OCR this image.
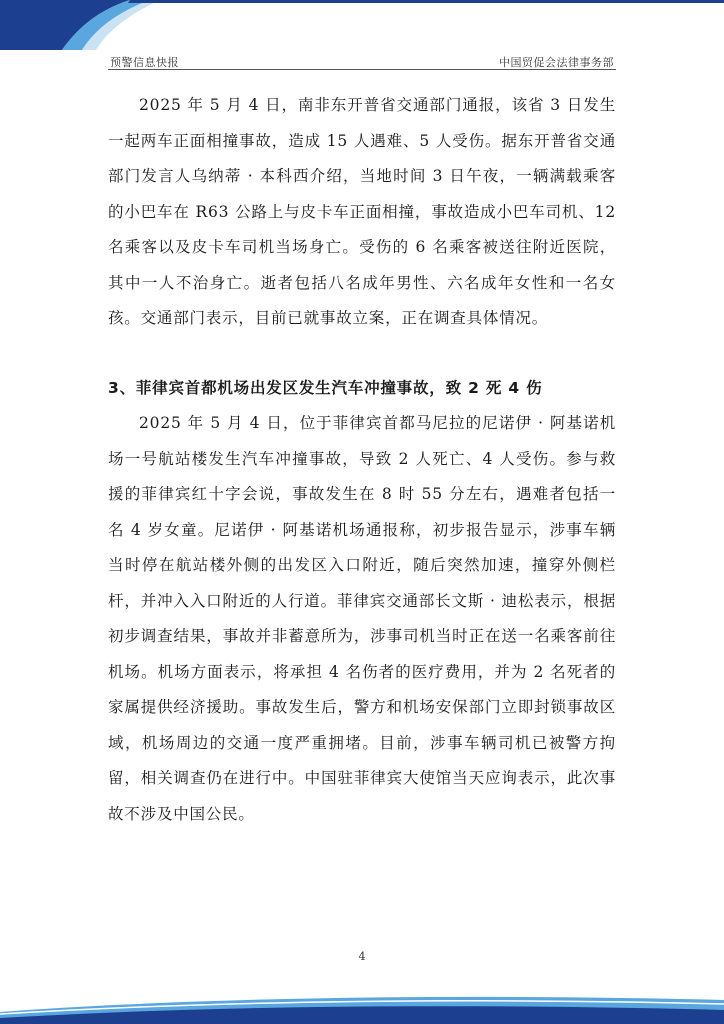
预警信息快报	中国贸促会法律事务部

2025 年 5 月 4 日，南非东开普省交通部门通报，该省 3 日发生一起两车正面相撞事故，造成 15 人遇难、5 人受伤。据东开普省交通部门发言人乌纳蒂 · 本科西介绍，当地时间 3 日午夜，一辆满载乘客的小巴车在 R63 公路上与皮卡车正面相撞，事故造成小巴车司机、12 名乘客以及皮卡车司机当场身亡。受伤的 6 名乘客被送往附近医院，其中一人不治身亡。逝者包括八名成年男性、六名成年女性和一名女孩。交通部门表示，目前已就事故立案，正在调查具体情况。

3、菲律宾首都机场出发区发生汽车冲撞事故，致 2 死 4 伤

2025 年 5 月 4 日，位于菲律宾首都马尼拉的尼诺伊 · 阿基诺机场一号航站楼发生汽车冲撞事故，导致 2 人死亡、4 人受伤。参与救援的菲律宾红十字会说，事故发生在 8 时 55 分左右，遇难者包括一名 4 岁女童。尼诺伊 · 阿基诺机场通报称，初步报告显示，涉事车辆当时停在航站楼外侧的出发区入口附近，随后突然加速，撞穿外侧栏杆，并冲入入口附近的人行道。菲律宾交通部长文斯 · 迪松表示，根据初步调查结果，事故并非蓄意所为，涉事司机当时正在送一名乘客前往机场。机场方面表示，将承担 4 名伤者的医疗费用，并为 2 名死者的家属提供经济援助。事故发生后，警方和机场安保部门立即封锁事故区域，机场周边的交通一度严重拥堵。目前，涉事车辆司机已被警方拘留，相关调查仍在进行中。中国驻菲律宾大使馆当天应询表示，此次事故不涉及中国公民。

4
